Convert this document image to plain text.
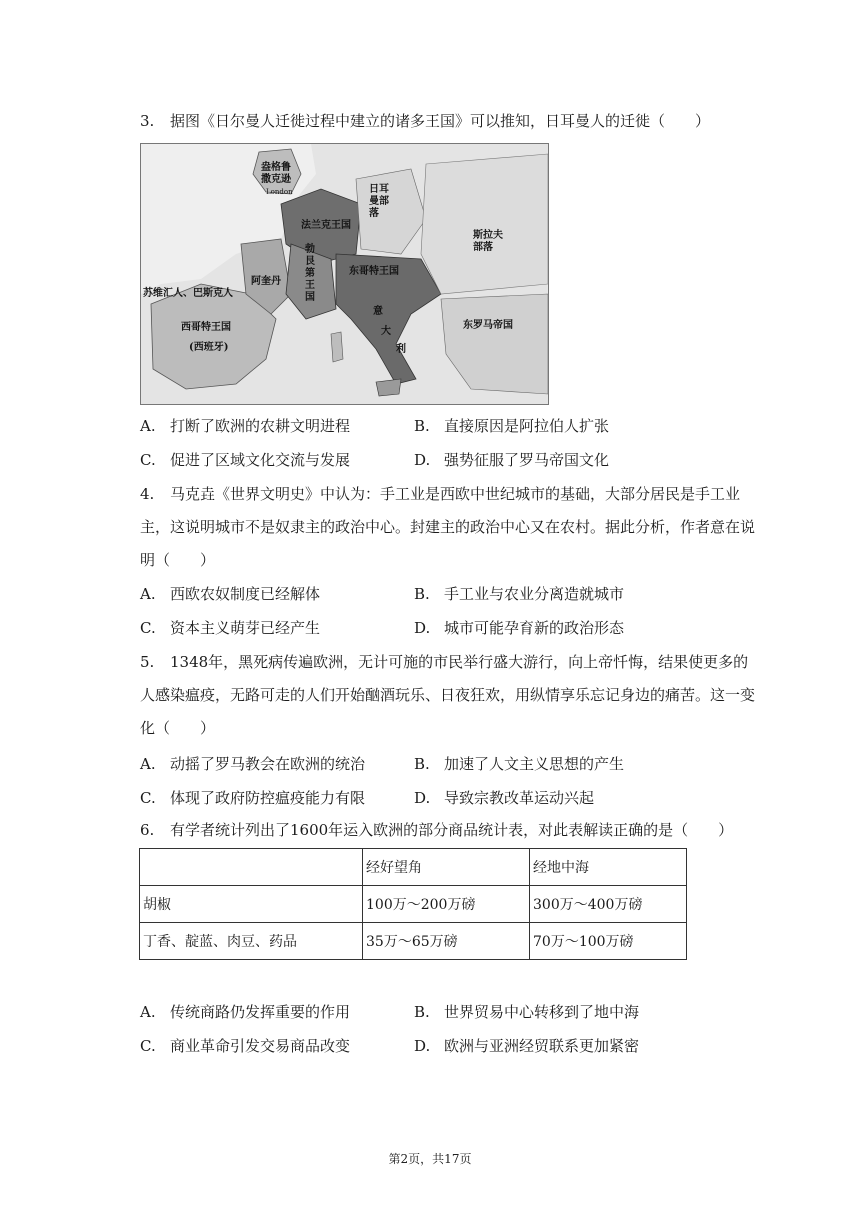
3. 据图《日尔曼人迁徙过程中建立的诸多王国》可以推知，日耳曼人的迁徙（　　）
盎格鲁撒克逊
London	日耳曼部落
法兰克王国
勃艮第王国
阿奎丹
斯拉夫部落
苏维汇人、巴斯克人
东哥特王国
西哥特王国
(西班牙)
东罗马帝国
意
大
利
A. 打断了欧洲的农耕文明进程	B. 直接原因是阿拉伯人扩张
C. 促进了区域文化交流与发展	D. 强势征服了罗马帝国文化
4. 马克垚《世界文明史》中认为：手工业是西欧中世纪城市的基础，大部分居民是手工业主，这说明城市不是奴隶主的政治中心。封建主的政治中心又在农村。据此分析，作者意在说明（　　）
A. 西欧农奴制度已经解体	B. 手工业与农业分离造就城市
C. 资本主义萌芽已经产生	D. 城市可能孕育新的政治形态
5. 1348年，黑死病传遍欧洲，无计可施的市民举行盛大游行，向上帝忏悔，结果使更多的人感染瘟疫，无路可走的人们开始酗酒玩乐、日夜狂欢，用纵情享乐忘记身边的痛苦。这一变化（　　）
A. 动摇了罗马教会在欧洲的统治	B. 加速了人文主义思想的产生
C. 体现了政府防控瘟疫能力有限	D. 导致宗教改革运动兴起
6. 有学者统计列出了1600年运入欧洲的部分商品统计表，对此表解读正确的是（　　）
	经好望角	经地中海
胡椒	100万～200万磅	300万～400万磅
丁香、靛蓝、肉豆、药品	35万～65万磅	70万～100万磅
A. 传统商路仍发挥重要的作用	B. 世界贸易中心转移到了地中海
C. 商业革命引发交易商品改变	D. 欧洲与亚洲经贸联系更加紧密
第2页，共17页
